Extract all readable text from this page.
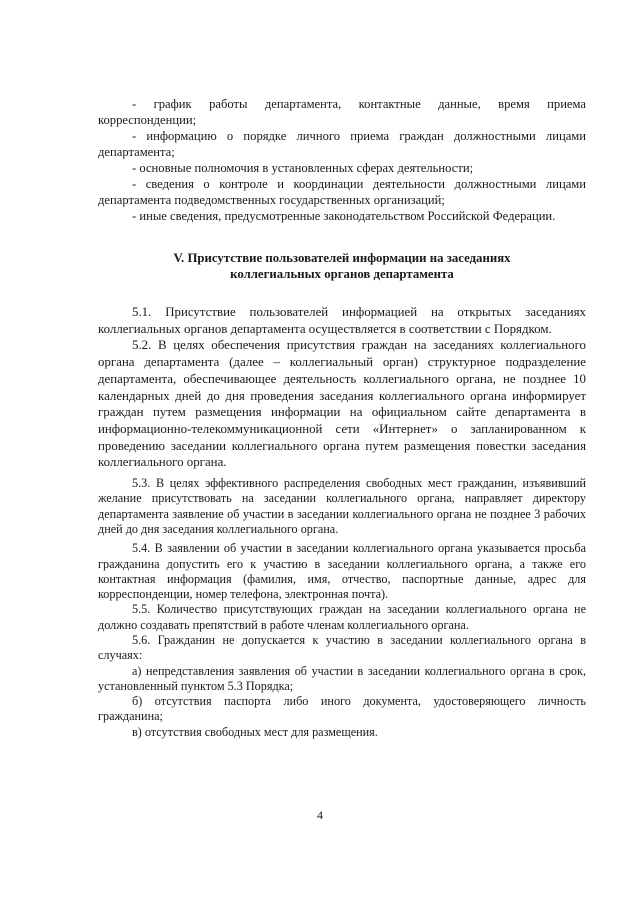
- график работы департамента, контактные данные, время приема корреспонденции;

- информацию о порядке личного приема граждан должностными лицами департамента;

- основные полномочия в установленных сферах деятельности;

- сведения о контроле и координации деятельности должностными лицами департамента подведомственных государственных организаций;

- иные сведения, предусмотренные законодательством Российской Федерации.

V. Присутствие пользователей информации на заседаниях
коллегиальных органов департамента

5.1. Присутствие пользователей информацией на открытых заседаниях коллегиальных органов департамента осуществляется в соответствии с Порядком.

5.2. В целях обеспечения присутствия граждан на заседаниях коллегиального органа департамента (далее – коллегиальный орган) структурное подразделение департамента, обеспечивающее деятельность коллегиального органа, не позднее 10 календарных дней до дня проведения заседания коллегиального органа информирует граждан путем размещения информации на официальном сайте департамента в информационно-телекоммуникационной сети «Интернет» о запланированном к проведению заседании коллегиального органа путем размещения повестки заседания коллегиального органа.

5.3. В целях эффективного распределения свободных мест гражданин, изъявивший желание присутствовать на заседании коллегиального органа, направляет директору департамента заявление об участии в заседании коллегиального органа не позднее 3 рабочих дней до дня заседания коллегиального органа.

5.4. В заявлении об участии в заседании коллегиального органа указывается просьба гражданина допустить его к участию в заседании коллегиального органа, а также его контактная информация (фамилия, имя, отчество, паспортные данные, адрес для корреспонденции, номер телефона, электронная почта).

5.5. Количество присутствующих граждан на заседании коллегиального органа не должно создавать препятствий в работе членам коллегиального органа.

5.6. Гражданин не допускается к участию в заседании коллегиального органа в случаях:

а) непредставления заявления об участии в заседании коллегиального органа в срок, установленный пунктом 5.3 Порядка;

б) отсутствия паспорта либо иного документа, удостоверяющего личность гражданина;

в) отсутствия свободных мест для размещения.

4
